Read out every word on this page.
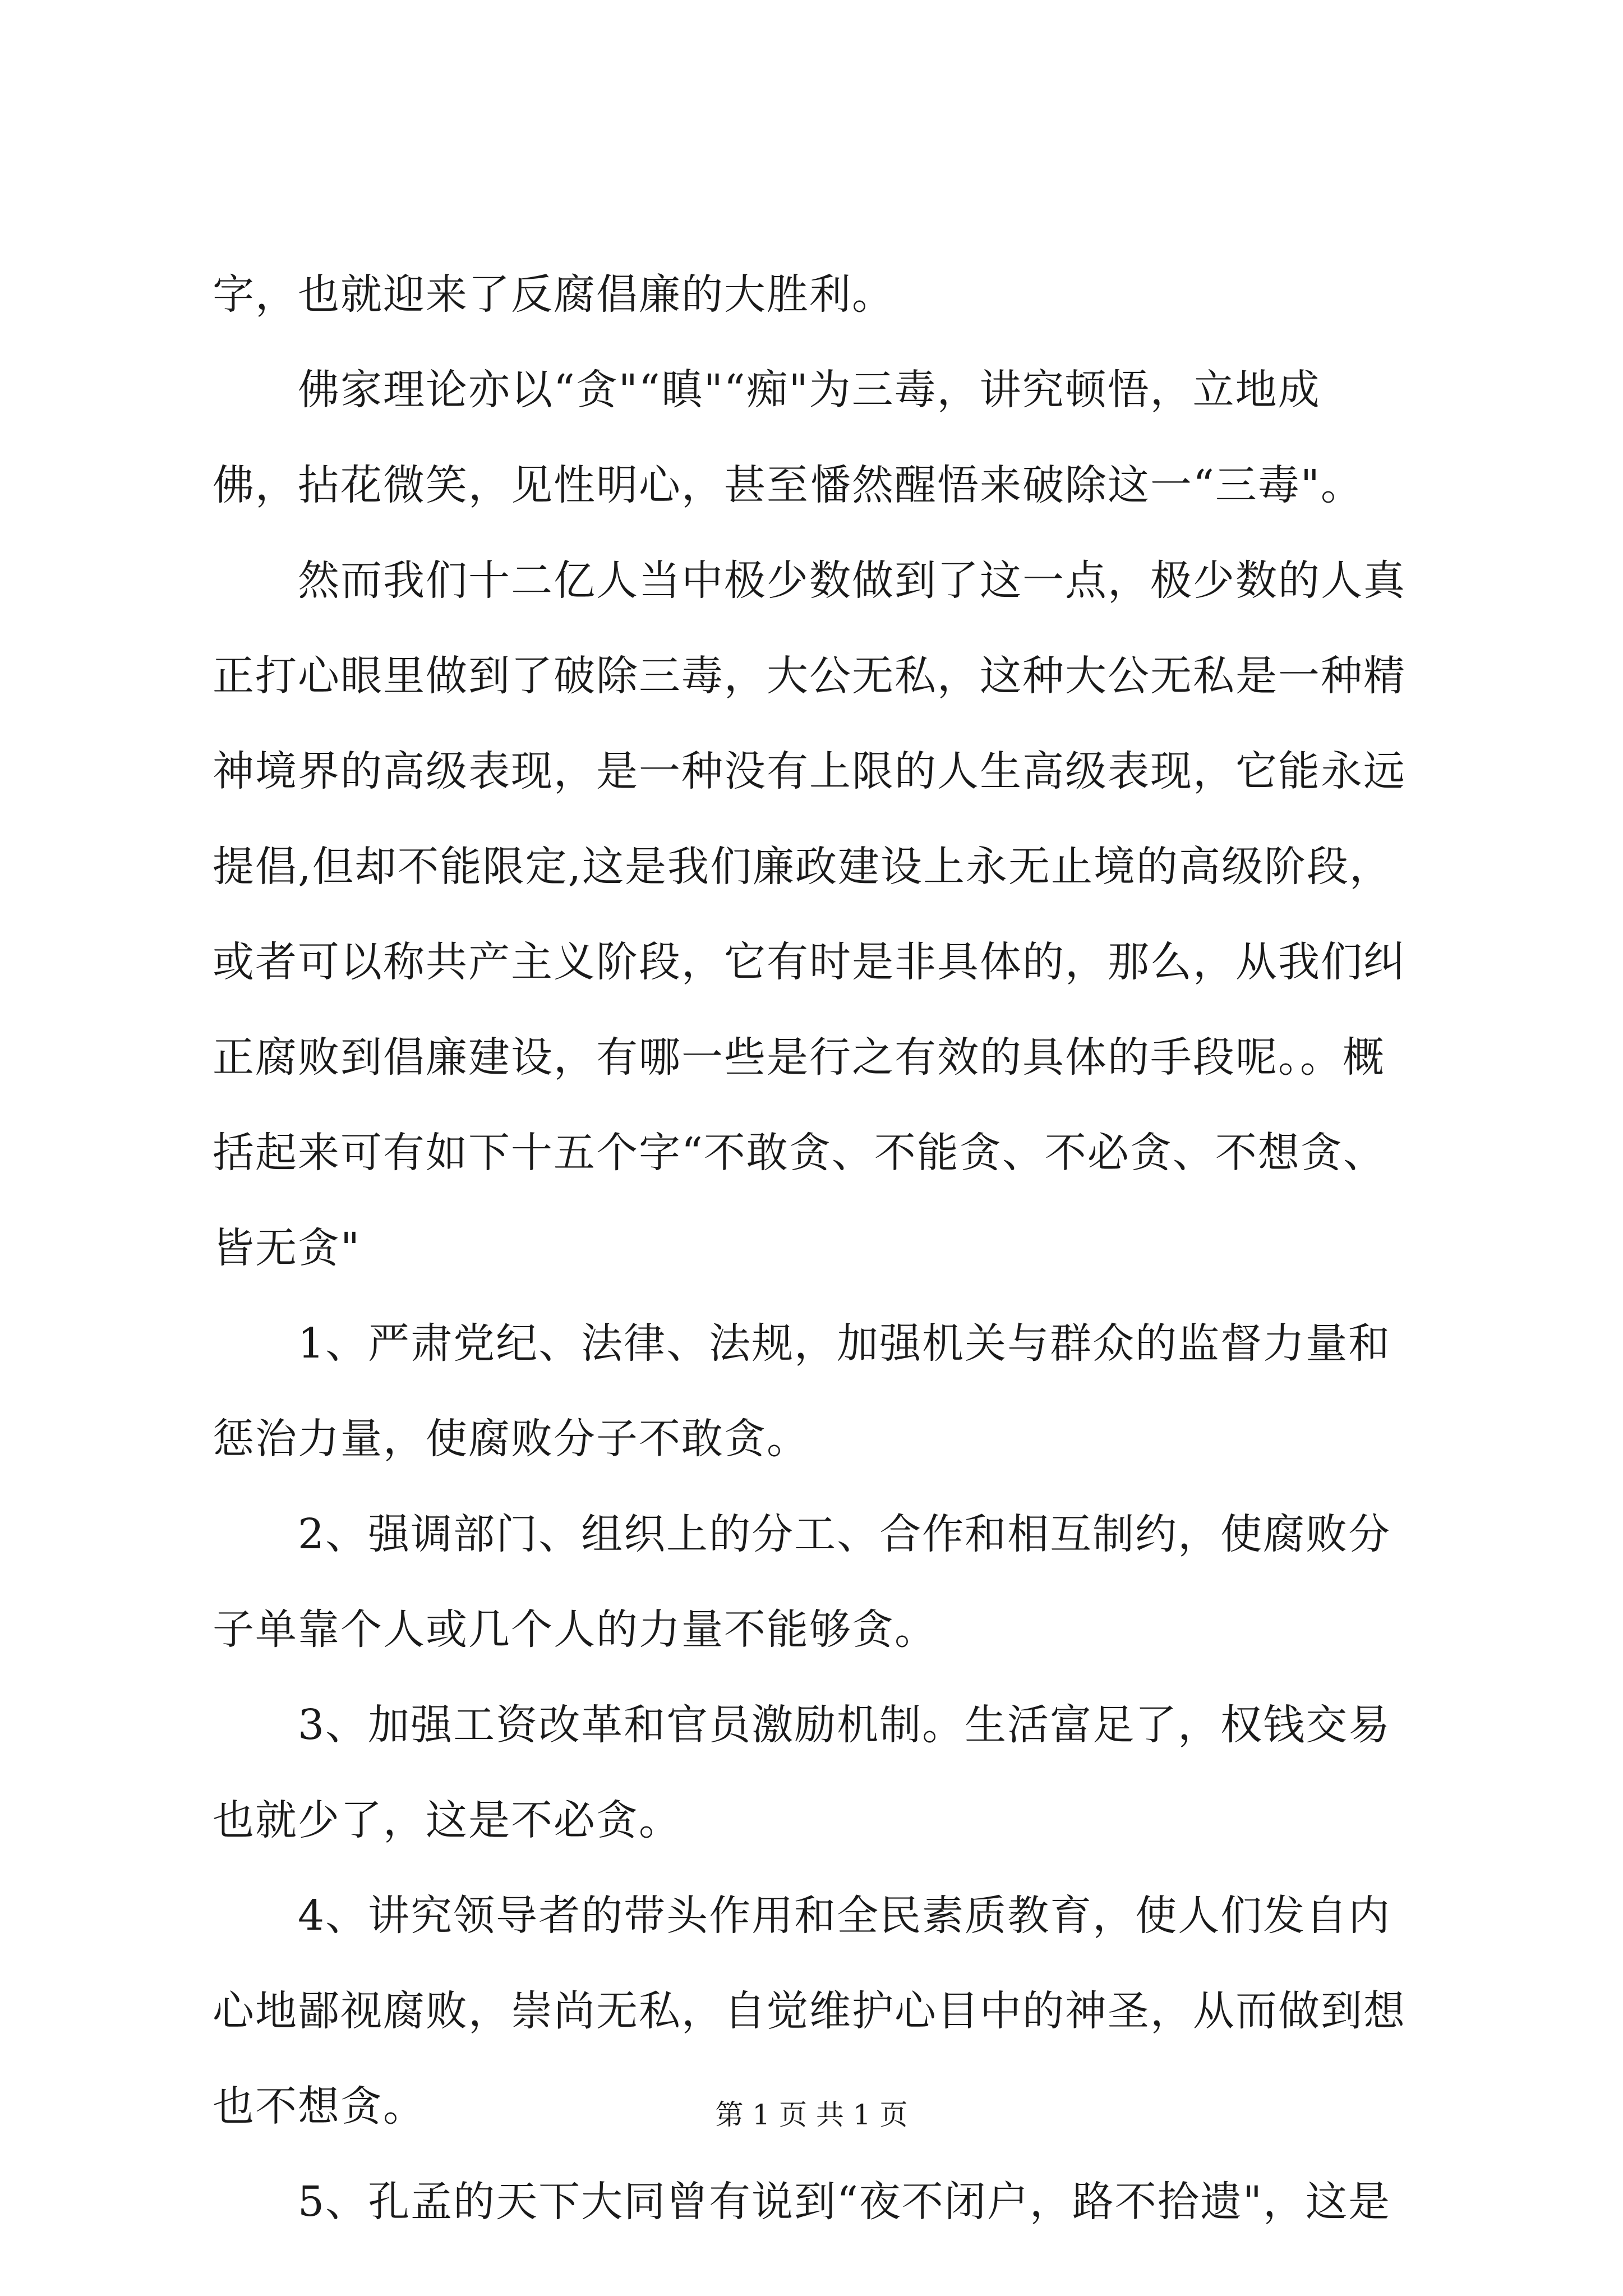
字，也就迎来了反腐倡廉的大胜利。
佛家理论亦以“贪"“瞋"“痴"为三毒，讲究顿悟，立地成
佛，拈花微笑，见性明心，甚至憣然醒悟来破除这一“三毒"。
然而我们十二亿人当中极少数做到了这一点，极少数的人真
正打心眼里做到了破除三毒，大公无私，这种大公无私是一种精
神境界的高级表现，是一种没有上限的人生高级表现，它能永远
提倡,但却不能限定,这是我们廉政建设上永无止境的高级阶段，
或者可以称共产主义阶段，它有时是非具体的，那么，从我们纠
正腐败到倡廉建设，有哪一些是行之有效的具体的手段呢。。概
括起来可有如下十五个字“不敢贪、不能贪、不必贪、不想贪、
皆无贪"
1、严肃党纪、法律、法规，加强机关与群众的监督力量和
惩治力量，使腐败分子不敢贪。
2、强调部门、组织上的分工、合作和相互制约，使腐败分
子单靠个人或几个人的力量不能够贪。
3、加强工资改革和官员激励机制。生活富足了，权钱交易
也就少了，这是不必贪。
4、讲究领导者的带头作用和全民素质教育，使人们发自内
心地鄙视腐败，崇尚无私，自觉维护心目中的神圣，从而做到想
也不想贪。
5、孔孟的天下大同曾有说到“夜不闭户，路不拾遗"，这是
第 1 页 共 1 页
